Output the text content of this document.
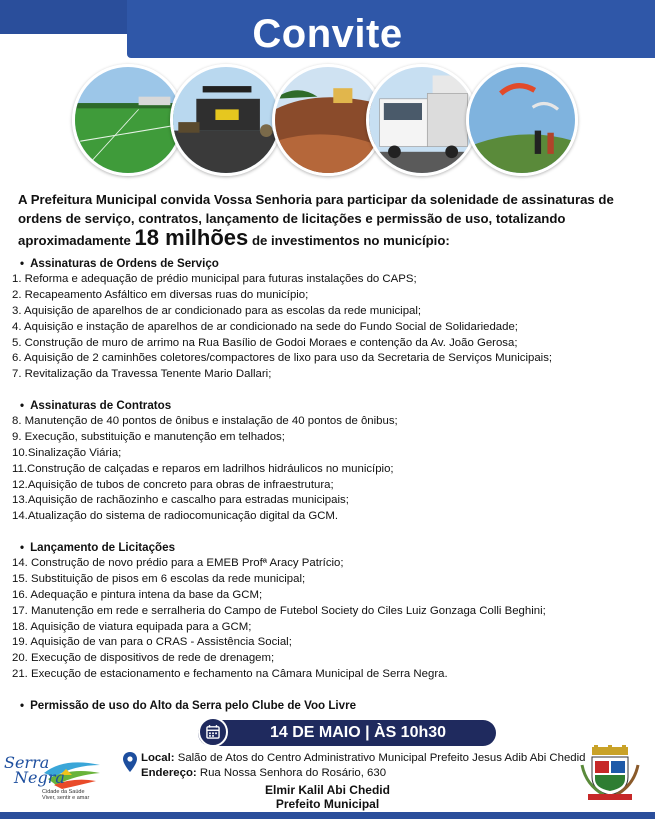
Convite
A Prefeitura Municipal convida Vossa Senhoria para participar da solenidade de assinaturas de ordens de serviço, contratos, lançamento de licitações e permissão de uso, totalizando aproximadamente 18 milhões de investimentos no município:
• Assinaturas de Ordens de Serviço
1. Reforma e adequação de prédio municipal para futuras instalações do CAPS;
2. Recapeamento Asfáltico em diversas ruas do município;
3. Aquisição de aparelhos de ar condicionado para as escolas da rede municipal;
4. Aquisição e instação de aparelhos de ar condicionado na sede do Fundo Social de Solidariedade;
5. Construção de muro de arrimo na Rua Basílio de Godoi Moraes e contenção da Av. João Gerosa;
6. Aquisição de 2 caminhões coletores/compactores de lixo para uso da Secretaria de Serviços Municipais;
7. Revitalização da Travessa Tenente Mario Dallari;
• Assinaturas de Contratos
8. Manutenção de 40 pontos de ônibus e instalação de 40 pontos de ônibus;
9. Execução, substituição e manutenção em telhados;
10.Sinalização Viária;
11.Construção de calçadas e reparos em ladrilhos hidráulicos no município;
12.Aquisição de tubos de concreto para obras de infraestrutura;
13.Aquisição de rachãozinho e cascalho para estradas municipais;
14.Atualização do sistema de radiocomunicação digital da GCM.
• Lançamento de Licitações
14. Construção de novo prédio para a EMEB Profª Aracy Patrício;
15. Substituição de pisos em 6 escolas da rede municipal;
16. Adequação e pintura intena da base da GCM;
17. Manutenção em rede e serralheria do Campo de Futebol Society do Ciles Luiz Gonzaga Colli Beghini;
18. Aquisição de viatura equipada para a GCM;
19. Aquisição de van para o CRAS - Assistência Social;
20. Execução de dispositivos de rede de drenagem;
21. Execução de estacionamento e fechamento na Câmara Municipal de Serra Negra.
• Permissão de uso do Alto da Serra pelo Clube de Voo Livre
14 DE MAIO | ÀS 10h30
Local: Salão de Atos do Centro Administrativo Municipal Prefeito Jesus Adib Abi Chedid
Endereço: Rua Nossa Senhora do Rosário, 630
Elmir Kalil Abi Chedid
Prefeito Municipal
Serra
Negra
Cidade da Saúde
Viver, sentir e amar
